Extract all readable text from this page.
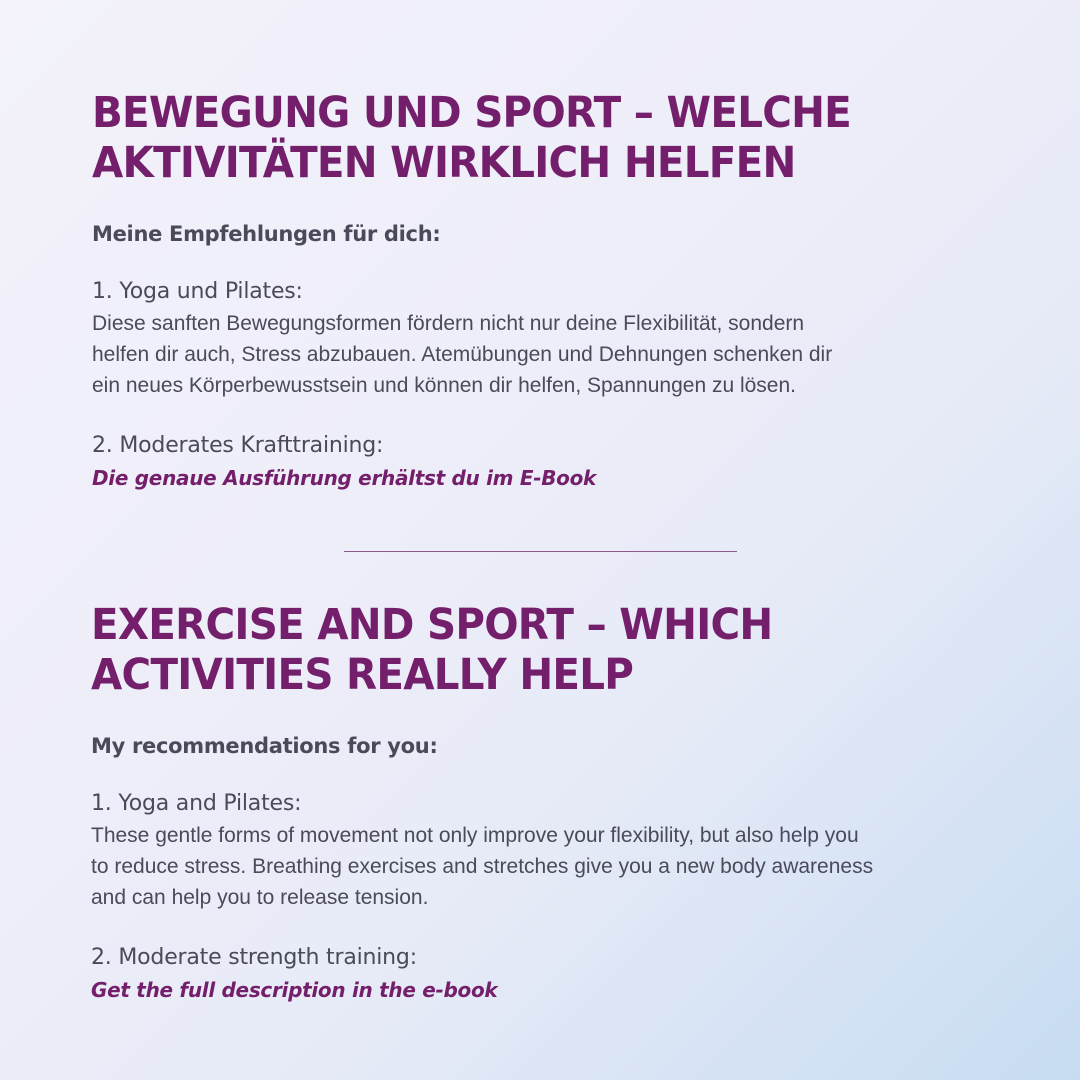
BEWEGUNG UND SPORT – WELCHE
AKTIVITÄTEN WIRKLICH HELFEN

Meine Empfehlungen für dich:

1. Yoga und Pilates:

Diese sanften Bewegungsformen fördern nicht nur deine Flexibilität, sondern
helfen dir auch, Stress abzubauen. Atemübungen und Dehnungen schenken dir
ein neues Körperbewusstsein und können dir helfen, Spannungen zu lösen.

2. Moderates Krafttraining:

Die genaue Ausführung erhältst du im E-Book
EXERCISE AND SPORT – WHICH
ACTIVITIES REALLY HELP

My recommendations for you:

1. Yoga and Pilates:

These gentle forms of movement not only improve your flexibility, but also help you
to reduce stress. Breathing exercises and stretches give you a new body awareness
and can help you to release tension.

2. Moderate strength training:

Get the full description in the e-book
